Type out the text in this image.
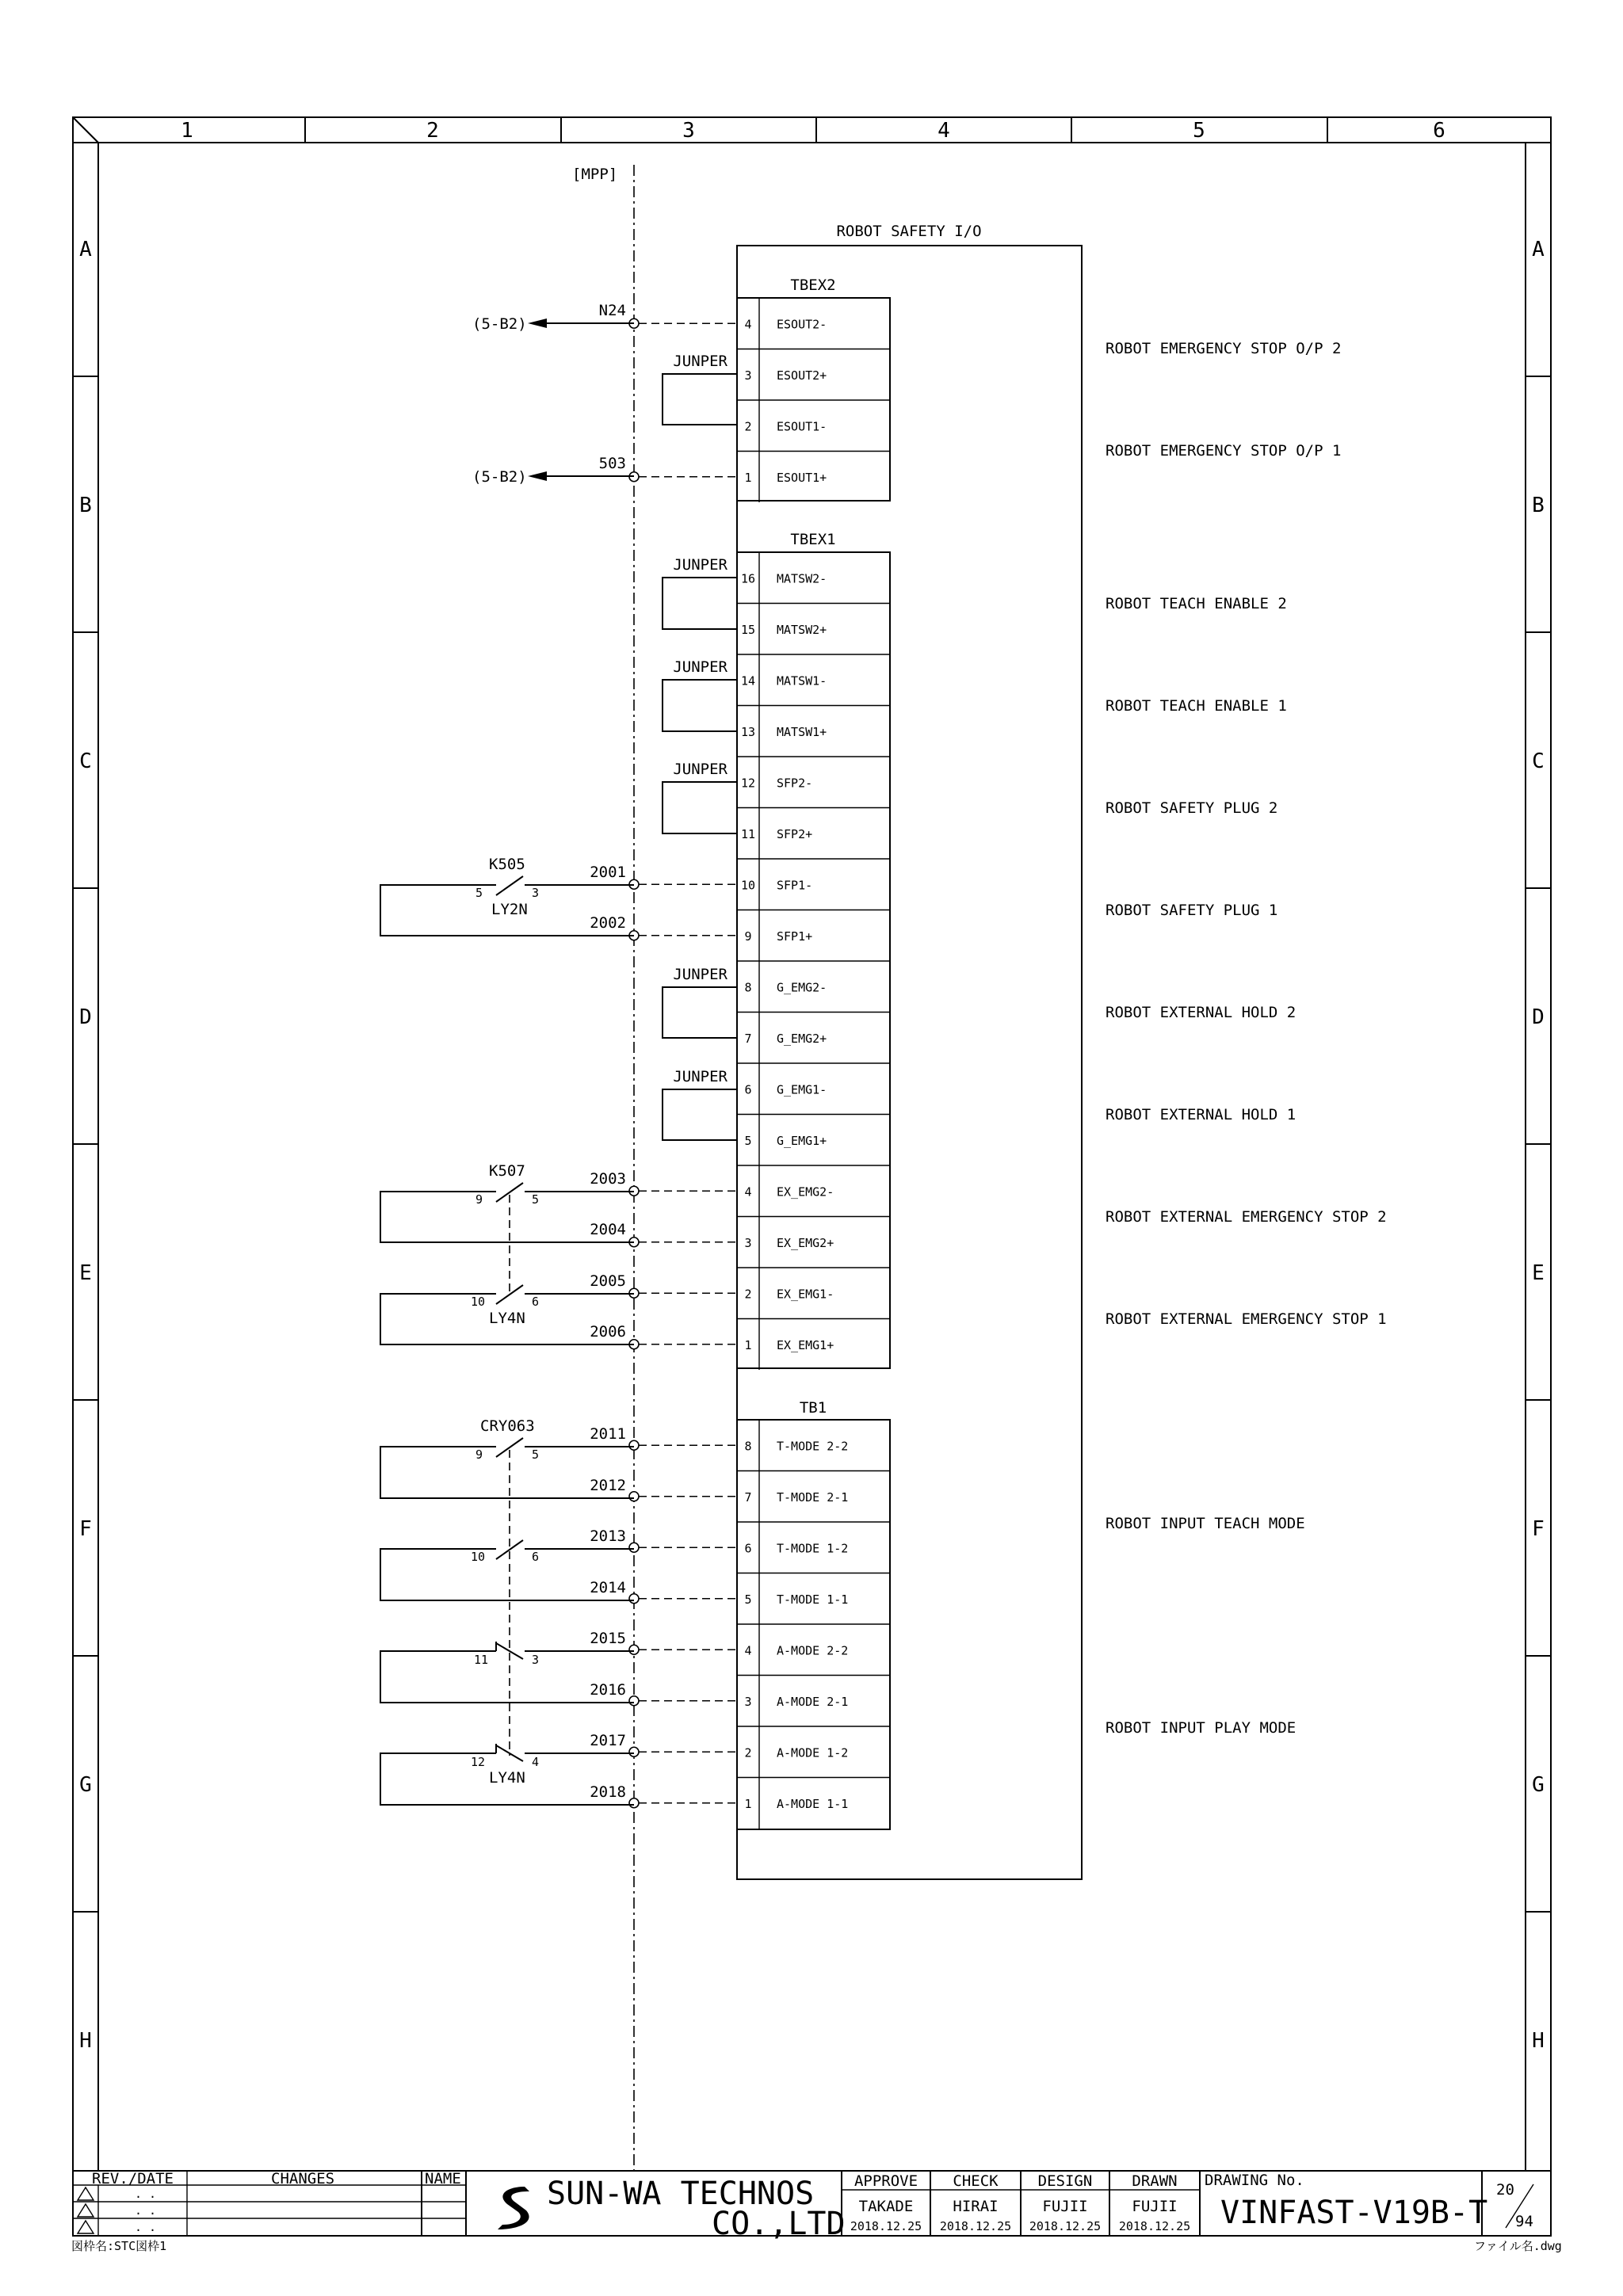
1	2	3	4	5	6
A
B
C
D
E
F
G
H
A
B
C
D
E
F
G
H
[MPP]
ROBOT SAFETY I/O
TBEX2
TBEX1
TB1
4 ESOUT2-
3 ESOUT2+
2 ESOUT1-
1 ESOUT1+
16 MATSW2-
15 MATSW2+
14 MATSW1-
13 MATSW1+
12 SFP2-
11 SFP2+
10 SFP1-
9 SFP1+
8 G_EMG2-
7 G_EMG2+
6 G_EMG1-
5 G_EMG1+
4 EX_EMG2-
3 EX_EMG2+
2 EX_EMG1-
1 EX_EMG1+
8 T-MODE 2-2
7 T-MODE 2-1
6 T-MODE 1-2
5 T-MODE 1-1
4 A-MODE 2-2
3 A-MODE 2-1
2 A-MODE 1-2
1 A-MODE 1-1
ROBOT EMERGENCY STOP O/P 2
ROBOT EMERGENCY STOP O/P 1
ROBOT TEACH ENABLE 2
ROBOT TEACH ENABLE 1
ROBOT SAFETY PLUG 2
ROBOT SAFETY PLUG 1
ROBOT EXTERNAL HOLD 2
ROBOT EXTERNAL HOLD 1
ROBOT EXTERNAL EMERGENCY STOP 2
ROBOT EXTERNAL EMERGENCY STOP 1
ROBOT INPUT TEACH MODE
ROBOT INPUT PLAY MODE
(5-B2)
N24
(5-B2)
503
JUNPER
JUNPER
JUNPER
JUNPER
JUNPER
JUNPER
K505
LY2N
K507
LY4N
CRY063
LY4N
5	3
9	5
10	6
9	5
10	6
11	3
12	4
2001
2002
2003
2004
2005
2006
2011
2012
2013
2014
2015
2016
2017
2018
REV./DATE	CHANGES	NAME
. .
. .
. .
SUN-WA TECHNOS
CO.,LTD
APPROVE
TAKADE
2018.12.25
CHECK
HIRAI
2018.12.25
DESIGN
FUJII
2018.12.25
DRAWN
FUJII
2018.12.25
DRAWING No.
VINFAST-V19B-T
20
94
図枠名:STC図枠1	ファイル名.dwg
